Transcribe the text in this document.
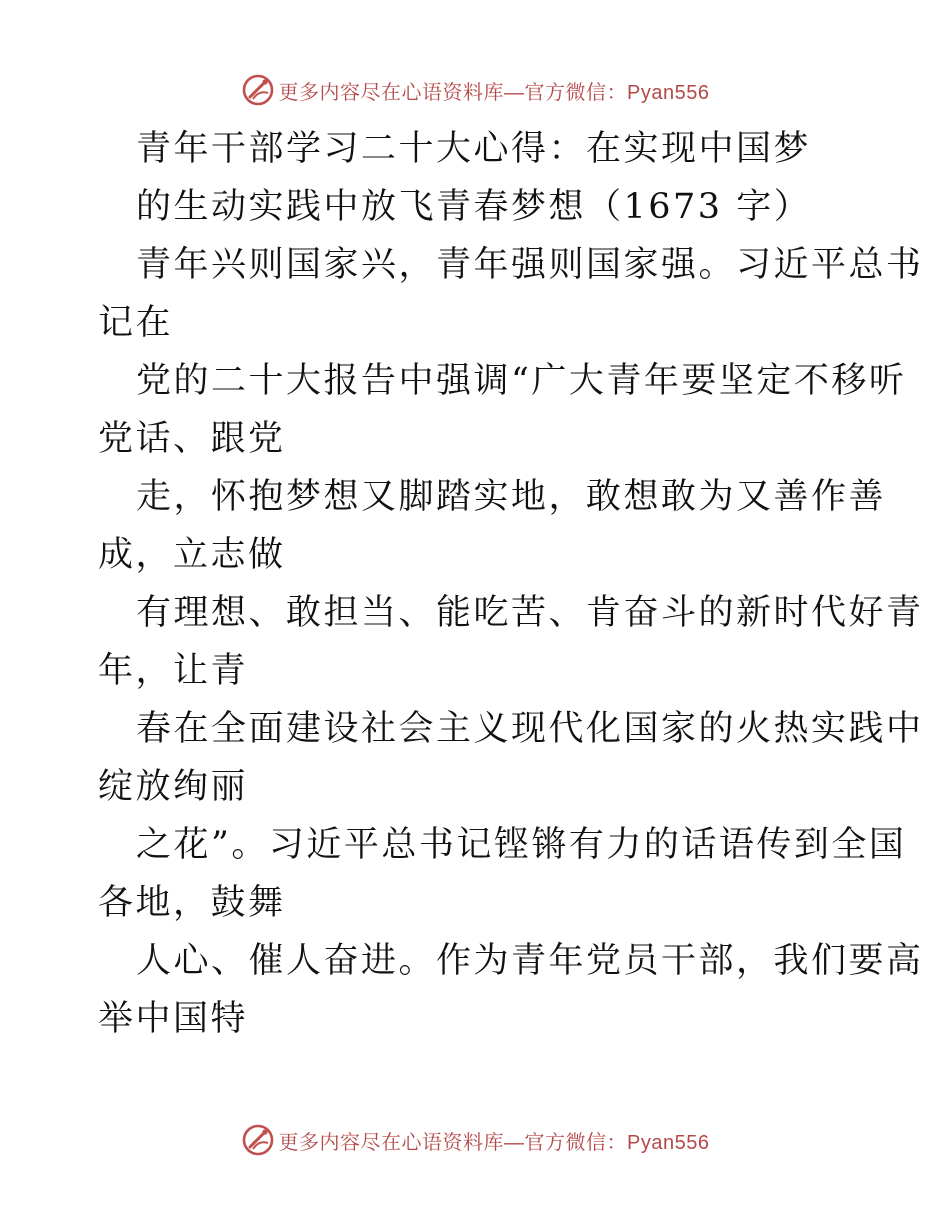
更多内容尽在心语资料库—官方微信：Pyan556
青年干部学习二十大心得：在实现中国梦
的生动实践中放飞青春梦想（1673 字）
青年兴则国家兴，青年强则国家强。习近平总书
记在
党的二十大报告中强调“广大青年要坚定不移听
党话、跟党
走，怀抱梦想又脚踏实地，敢想敢为又善作善
成，立志做
有理想、敢担当、能吃苦、肯奋斗的新时代好青
年，让青
春在全面建设社会主义现代化国家的火热实践中
绽放绚丽
之花”。习近平总书记铿锵有力的话语传到全国
各地，鼓舞
人心、催人奋进。作为青年党员干部，我们要高
举中国特
更多内容尽在心语资料库—官方微信：Pyan556
